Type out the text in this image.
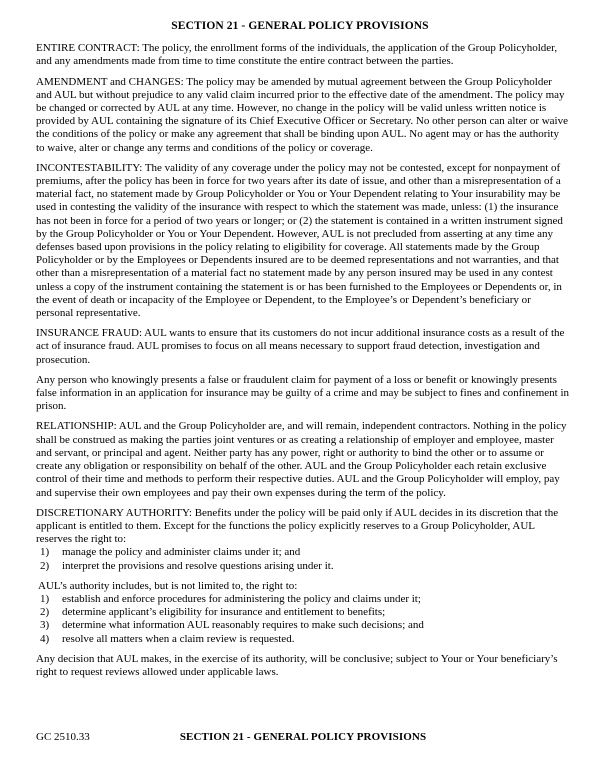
SECTION 21 - GENERAL POLICY PROVISIONS

ENTIRE CONTRACT: The policy, the enrollment forms of the individuals, the application of the Group Policyholder, and any amendments made from time to time constitute the entire contract between the parties.

AMENDMENT and CHANGES: The policy may be amended by mutual agreement between the Group Policyholder and AUL but without prejudice to any valid claim incurred prior to the effective date of the amendment. The policy may be changed or corrected by AUL at any time. However, no change in the policy will be valid unless written notice is provided by AUL containing the signature of its Chief Executive Officer or Secretary. No other person can alter or waive the conditions of the policy or make any agreement that shall be binding upon AUL. No agent may or has the authority to waive, alter or change any terms and conditions of the policy or coverage.

INCONTESTABILITY: The validity of any coverage under the policy may not be contested, except for nonpayment of premiums, after the policy has been in force for two years after its date of issue, and other than a misrepresentation of a material fact, no statement made by Group Policyholder or You or Your Dependent relating to Your insurability may be used in contesting the validity of the insurance with respect to which the statement was made, unless: (1) the insurance has not been in force for a period of two years or longer; or (2) the statement is contained in a written instrument signed by the Group Policyholder or You or Your Dependent. However, AUL is not precluded from asserting at any time any defenses based upon provisions in the policy relating to eligibility for coverage. All statements made by the Group Policyholder or by the Employees or Dependents insured are to be deemed representations and not warranties, and that other than a misrepresentation of a material fact no statement made by any person insured may be used in any contest unless a copy of the instrument containing the statement is or has been furnished to the Employees or Dependents or, in the event of death or incapacity of the Employee or Dependent, to the Employee’s or Dependent’s beneficiary or personal representative.

INSURANCE FRAUD: AUL wants to ensure that its customers do not incur additional insurance costs as a result of the act of insurance fraud. AUL promises to focus on all means necessary to support fraud detection, investigation and prosecution.

Any person who knowingly presents a false or fraudulent claim for payment of a loss or benefit or knowingly presents false information in an application for insurance may be guilty of a crime and may be subject to fines and confinement in prison.

RELATIONSHIP: AUL and the Group Policyholder are, and will remain, independent contractors. Nothing in the policy shall be construed as making the parties joint ventures or as creating a relationship of employer and employee, master and servant, or principal and agent. Neither party has any power, right or authority to bind the other or to assume or create any obligation or responsibility on behalf of the other. AUL and the Group Policyholder each retain exclusive control of their time and methods to perform their respective duties. AUL and the Group Policyholder will employ, pay and supervise their own employees and pay their own expenses during the term of the policy.

DISCRETIONARY AUTHORITY: Benefits under the policy will be paid only if AUL decides in its discretion that the applicant is entitled to them. Except for the functions the policy explicitly reserves to a Group Policyholder, AUL reserves the right to:

1) manage the policy and administer claims under it; and
2) interpret the provisions and resolve questions arising under it.

AUL’s authority includes, but is not limited to, the right to:

1) establish and enforce procedures for administering the policy and claims under it;
2) determine applicant’s eligibility for insurance and entitlement to benefits;
3) determine what information AUL reasonably requires to make such decisions; and
4) resolve all matters when a claim review is requested.

Any decision that AUL makes, in the exercise of its authority, will be conclusive; subject to Your or Your beneficiary’s right to request reviews allowed under applicable laws.

GC 2510.33	SECTION 21 - GENERAL POLICY PROVISIONS
